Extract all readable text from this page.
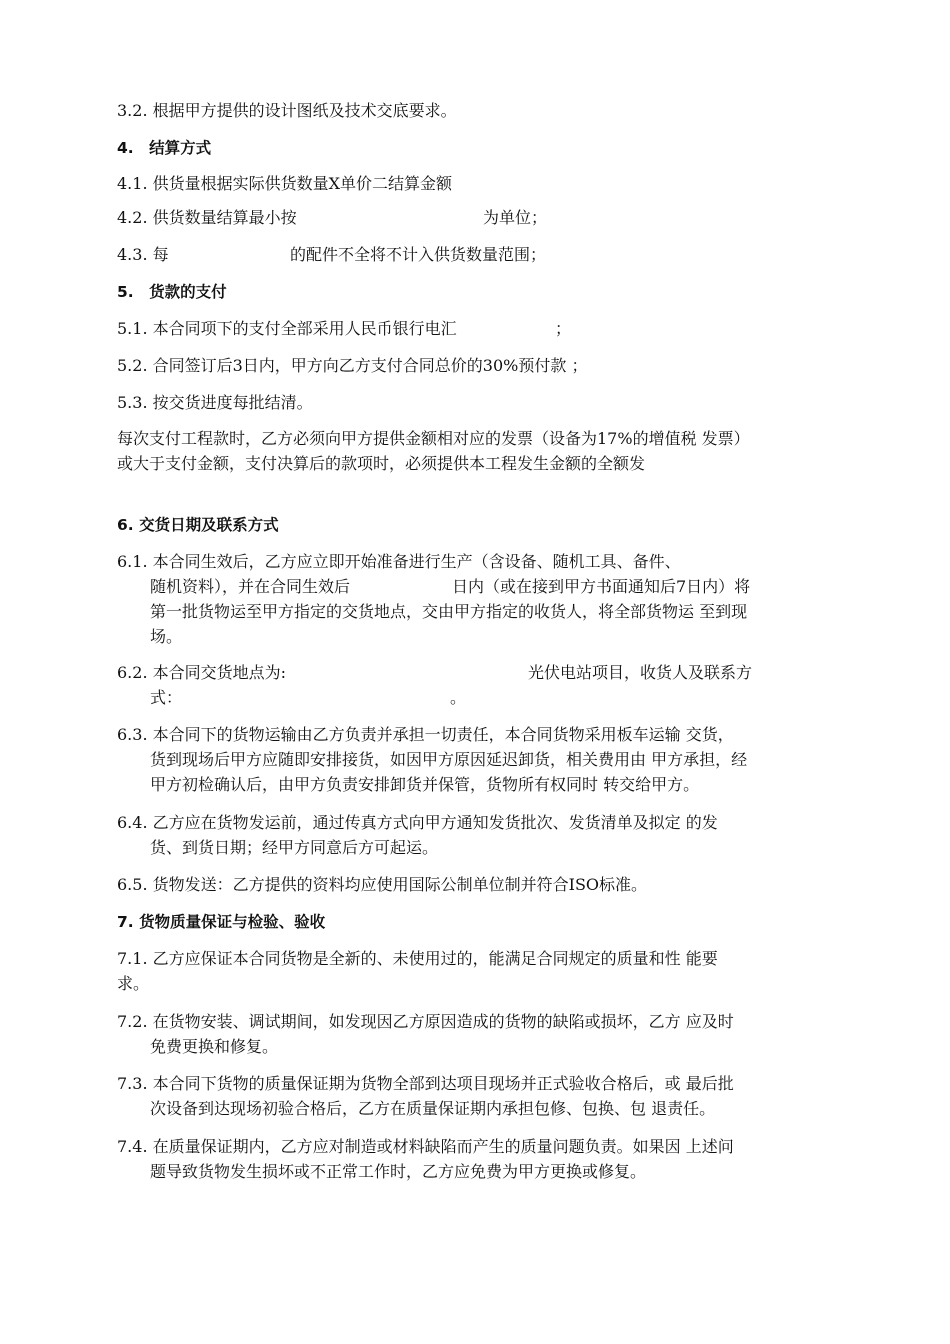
3.2. 根据甲方提供的设计图纸及技术交底要求。
4.　结算方式
4.1. 供货量根据实际供货数量Ⅹ单价二结算金额
4.2. 供货数量结算最小按	为单位；
4.3. 每	的配件不全将不计入供货数量范围；
5.　货款的支付
5.1. 本合同项下的支付全部采用人民币银行电汇	；
5.2. 合同签订后3日内，甲方向乙方支付合同总价的30%预付款 ；
5.3. 按交货进度每批结清。
每次支付工程款时，乙方必须向甲方提供金额相对应的发票（设备为17%的增值税 发票）
或大于支付金额，支付决算后的款项时，必须提供本工程发生金额的全额发
6. 交货日期及联系方式
6.1. 本合同生效后，乙方应立即开始准备进行生产（含设备、随机工具、备件、
随机资料），并在合同生效后	日内（或在接到甲方书面通知后7日内）将
第一批货物运至甲方指定的交货地点，交由甲方指定的收货人，将全部货物运 至到现
场。
6.2. 本合同交货地点为:	光伏电站项目，收货人及联系方
式：	。
6.3. 本合同下的货物运输由乙方负责并承担一切责任，本合同货物采用板车运输 交货，
货到现场后甲方应随即安排接货，如因甲方原因延迟卸货，相关费用由 甲方承担，经
甲方初检确认后，由甲方负责安排卸货并保管，货物所有权同时 转交给甲方。
6.4. 乙方应在货物发运前，通过传真方式向甲方通知发货批次、发货清单及拟定 的发
货、到货日期；经甲方同意后方可起运。
6.5. 货物发送：乙方提供的资料均应使用国际公制单位制并符合ISO标准。
7. 货物质量保证与检验、验收
7.1. 乙方应保证本合同货物是全新的、未使用过的，能满足合同规定的质量和性 能要
求。
7.2. 在货物安装、调试期间，如发现因乙方原因造成的货物的缺陷或损坏，乙方 应及时
免费更换和修复。
7.3. 本合同下货物的质量保证期为货物全部到达项目现场并正式验收合格后，或 最后批
次设备到达现场初验合格后，乙方在质量保证期内承担包修、包换、包 退责任。
7.4. 在质量保证期内，乙方应对制造或材料缺陷而产生的质量问题负责。如果因 上述问
题导致货物发生损坏或不正常工作时，乙方应免费为甲方更换或修复。
